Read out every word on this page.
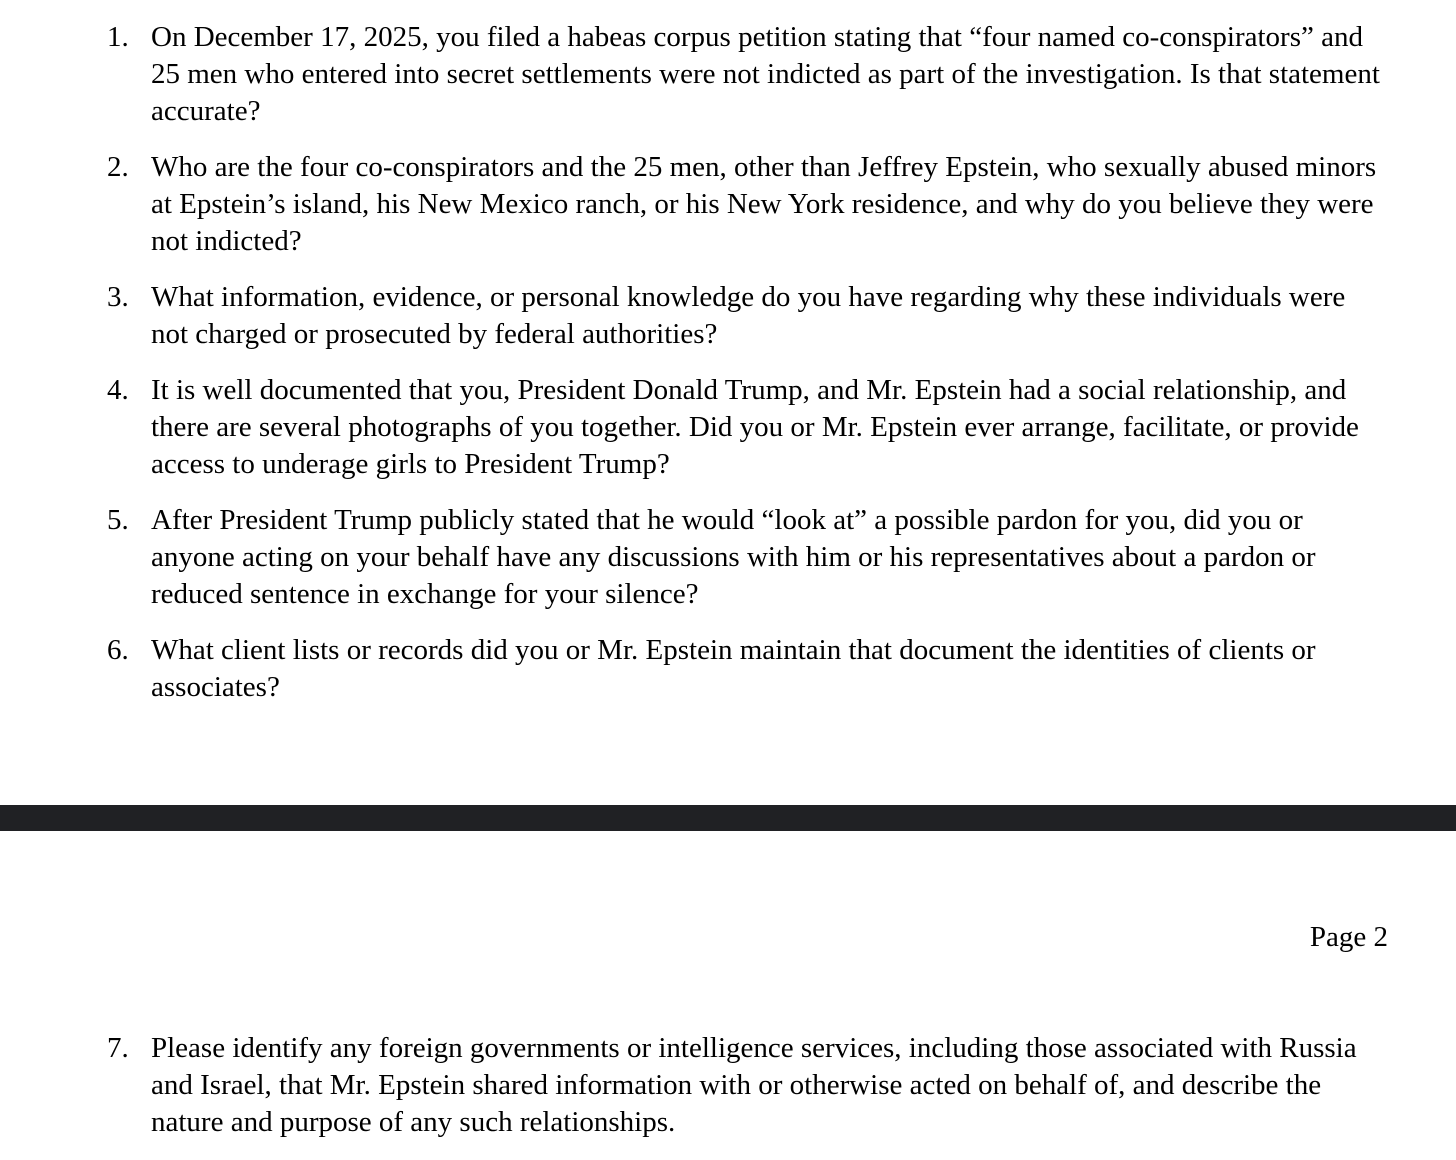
1. On December 17, 2025, you filed a habeas corpus petition stating that “four named co-conspirators” and 25 men who entered into secret settlements were not indicted as part of the investigation. Is that statement accurate?
2. Who are the four co-conspirators and the 25 men, other than Jeffrey Epstein, who sexually abused minors at Epstein’s island, his New Mexico ranch, or his New York residence, and why do you believe they were not indicted?
3. What information, evidence, or personal knowledge do you have regarding why these individuals were not charged or prosecuted by federal authorities?
4. It is well documented that you, President Donald Trump, and Mr. Epstein had a social relationship, and there are several photographs of you together. Did you or Mr. Epstein ever arrange, facilitate, or provide access to underage girls to President Trump?
5. After President Trump publicly stated that he would “look at” a possible pardon for you, did you or anyone acting on your behalf have any discussions with him or his representatives about a pardon or reduced sentence in exchange for your silence?
6. What client lists or records did you or Mr. Epstein maintain that document the identities of clients or associates?
Page 2
7. Please identify any foreign governments or intelligence services, including those associated with Russia and Israel, that Mr. Epstein shared information with or otherwise acted on behalf of, and describe the nature and purpose of any such relationships.
